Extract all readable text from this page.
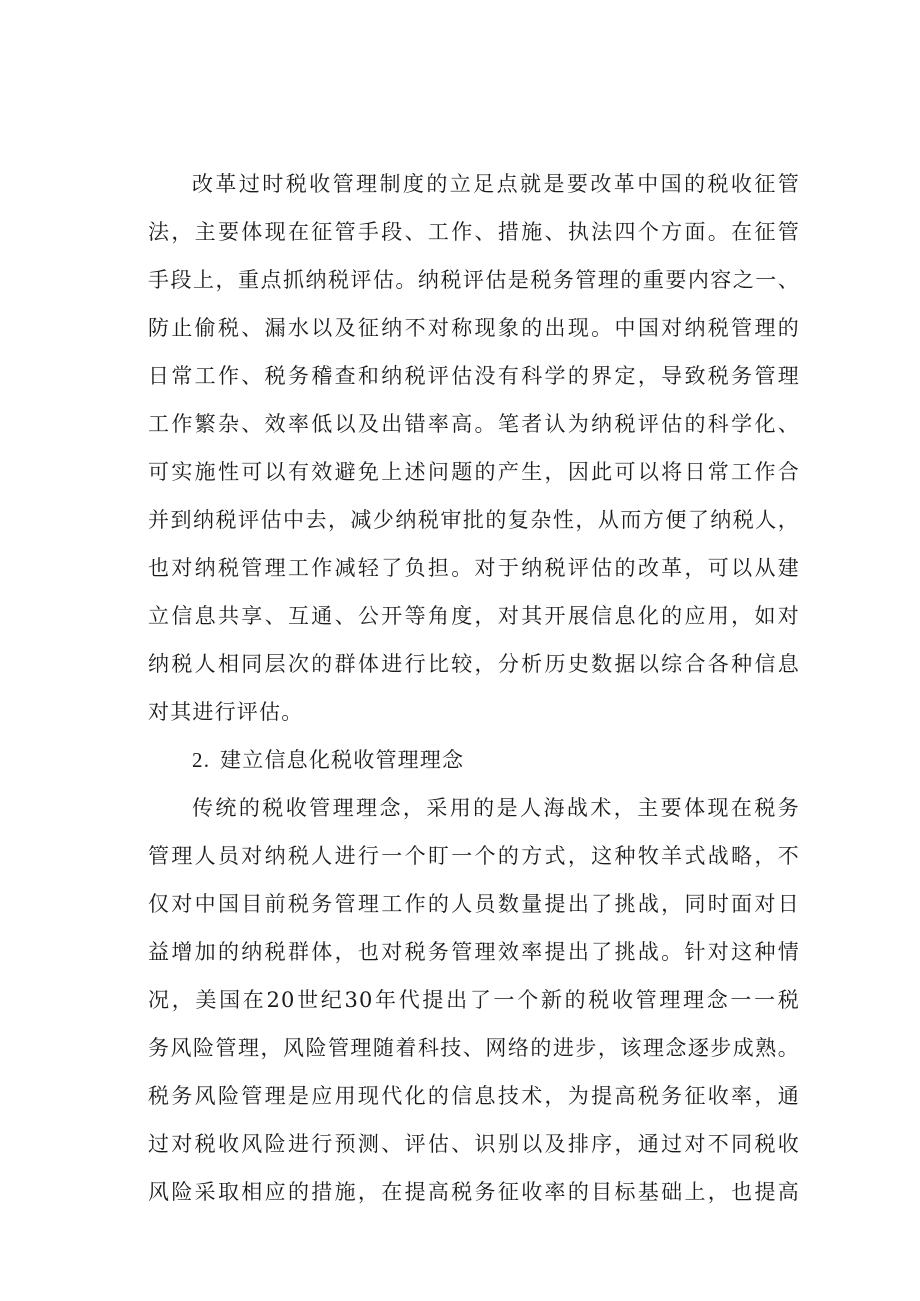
改革过时税收管理制度的立足点就是要改革中国的税收征管
法，主要体现在征管手段、工作、措施、执法四个方面。在征管
手段上，重点抓纳税评估。纳税评估是税务管理的重要内容之一、
防止偷税、漏水以及征纳不对称现象的出现。中国对纳税管理的
日常工作、税务稽查和纳税评估没有科学的界定，导致税务管理
工作繁杂、效率低以及出错率高。笔者认为纳税评估的科学化、
可实施性可以有效避免上述问题的产生，因此可以将日常工作合
并到纳税评估中去，减少纳税审批的复杂性，从而方便了纳税人，
也对纳税管理工作减轻了负担。对于纳税评估的改革，可以从建
立信息共享、互通、公开等角度，对其开展信息化的应用，如对
纳税人相同层次的群体进行比较，分析历史数据以综合各种信息
对其进行评估。
2. 建立信息化税收管理理念
传统的税收管理理念，采用的是人海战术，主要体现在税务
管理人员对纳税人进行一个盯一个的方式，这种牧羊式战略，不
仅对中国目前税务管理工作的人员数量提出了挑战，同时面对日
益增加的纳税群体，也对税务管理效率提出了挑战。针对这种情
况，美国在20世纪30年代提出了一个新的税收管理理念一一税
务风险管理，风险管理随着科技、网络的进步，该理念逐步成熟。
税务风险管理是应用现代化的信息技术，为提高税务征收率，通
过对税收风险进行预测、评估、识别以及排序，通过对不同税收
风险采取相应的措施，在提高税务征收率的目标基础上，也提高
